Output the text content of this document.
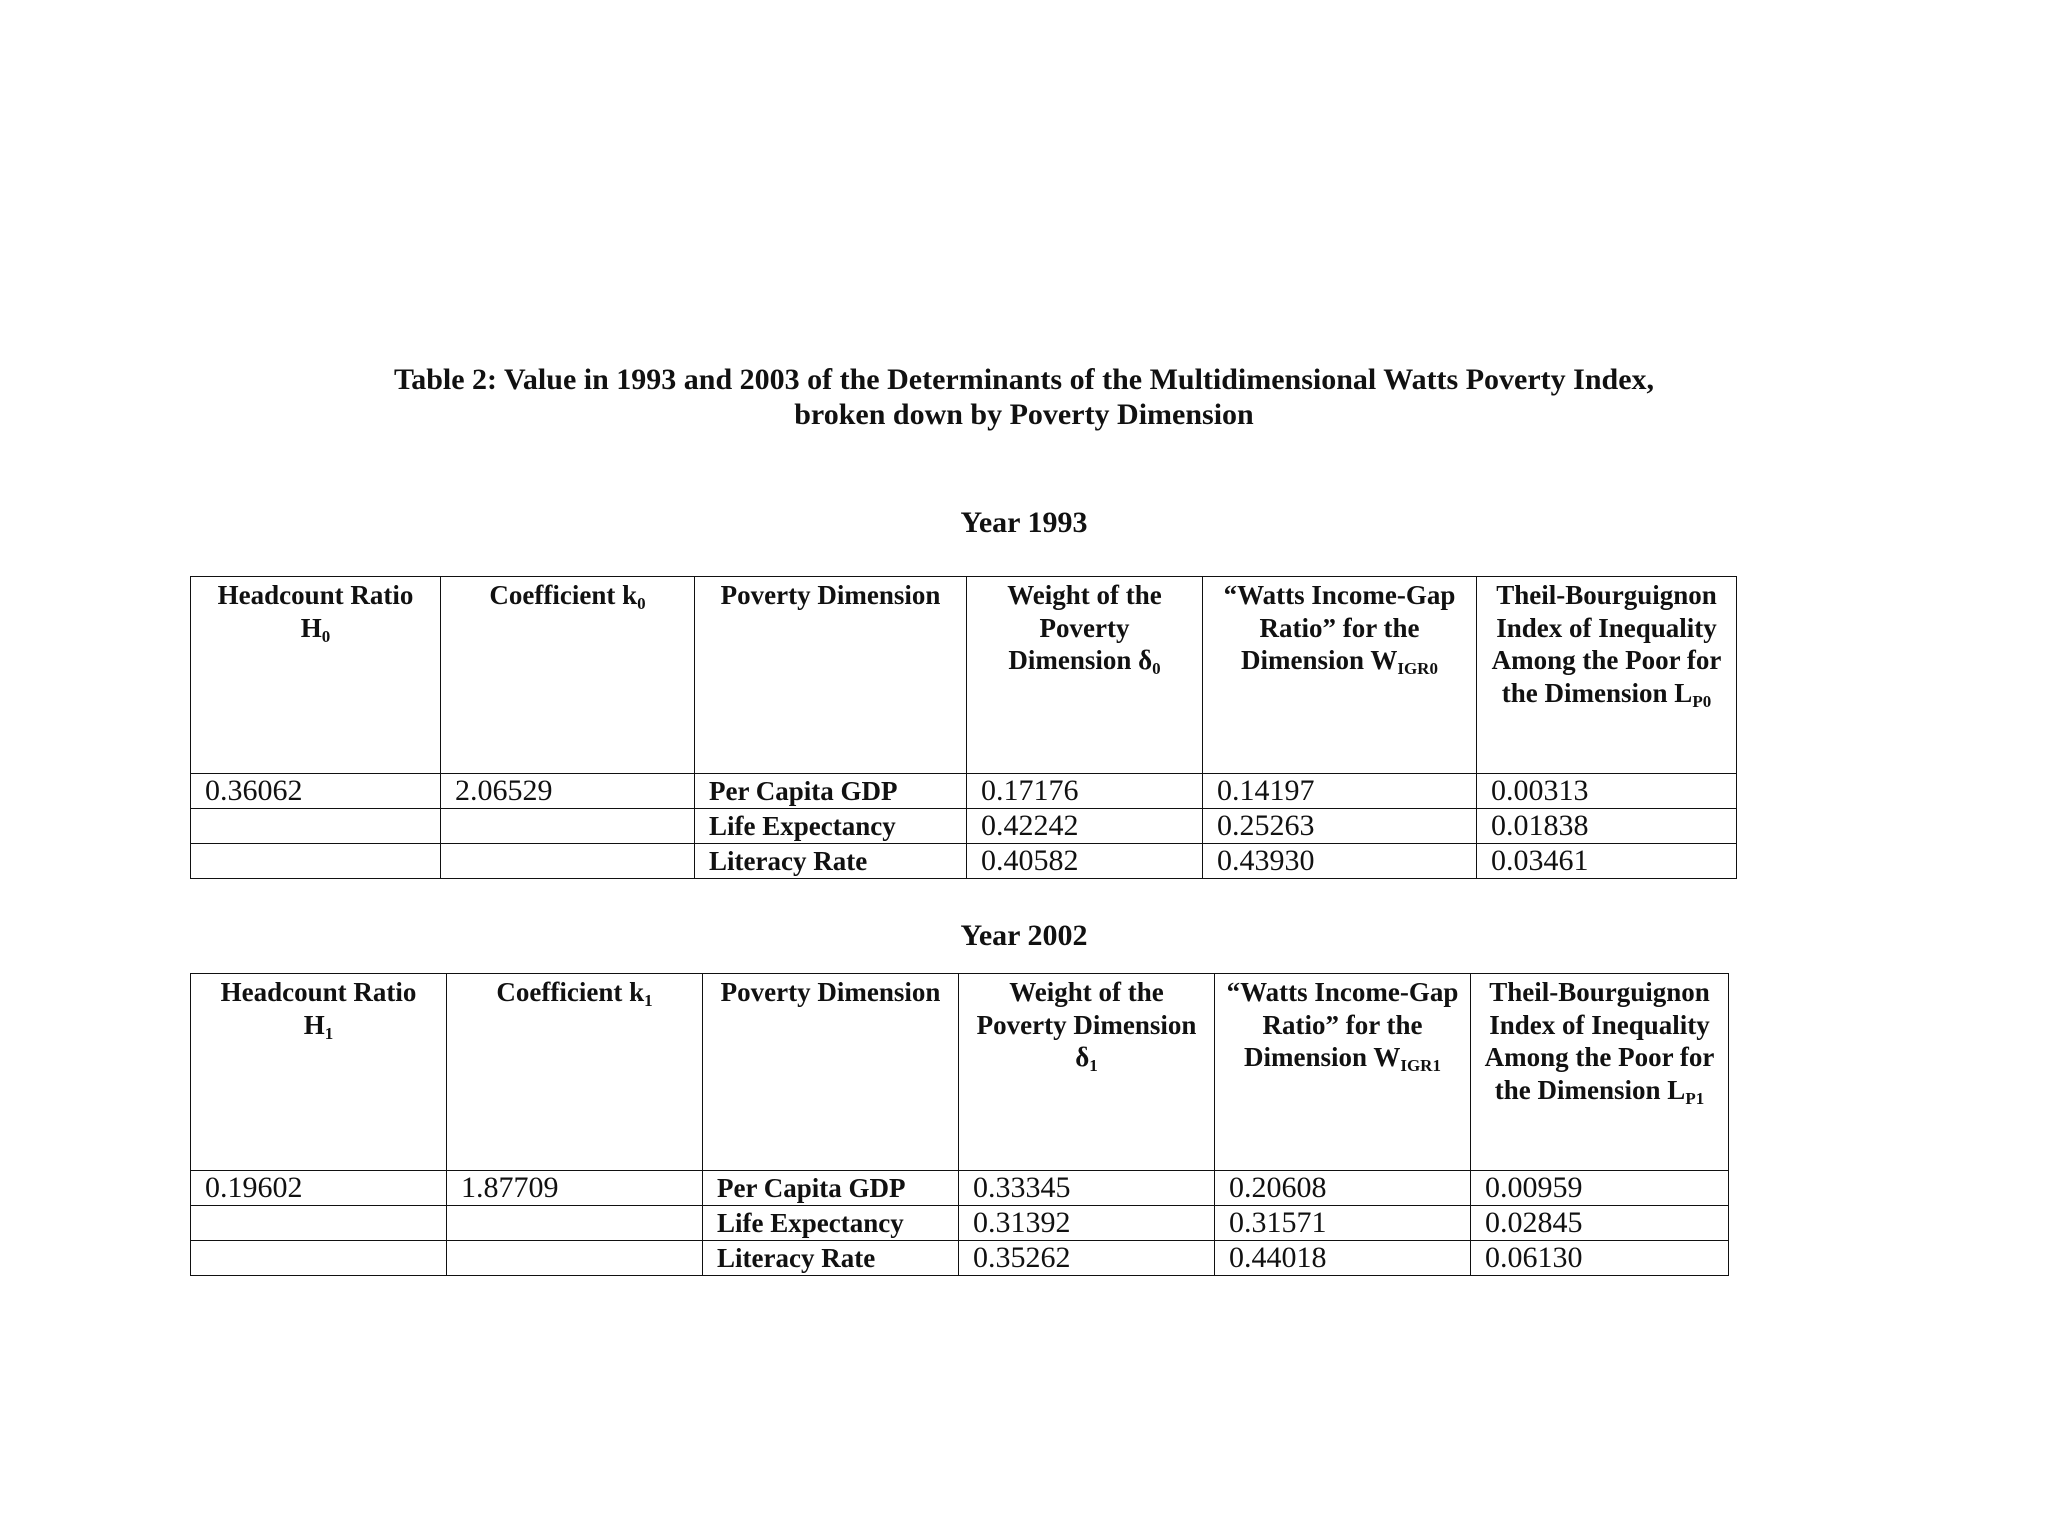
Table 2: Value in 1993 and 2003 of the Determinants of the Multidimensional Watts Poverty Index,
broken down by Poverty Dimension
Year 1993
Headcount Ratio
$H_0$	Coefficient $k_0$	Poverty Dimension	Weight of the Poverty Dimension $\delta_0$	“Watts Income-Gap Ratio” for the Dimension $W_{IGR0}$	Theil-Bourguignon Index of Inequality Among the Poor for the Dimension $L_{P0}$
0.36062	2.06529	Per Capita GDP	0.17176	0.14197	0.00313
		Life Expectancy	0.42242	0.25263	0.01838
		Literacy Rate	0.40582	0.43930	0.03461
Year 2002
Headcount Ratio
$H_1$	Coefficient $k_1$	Poverty Dimension	Weight of the Poverty Dimension $\delta_1$	“Watts Income-Gap Ratio” for the Dimension $W_{IGR1}$	Theil-Bourguignon Index of Inequality Among the Poor for the Dimension $L_{P1}$
0.19602	1.87709	Per Capita GDP	0.33345	0.20608	0.00959
		Life Expectancy	0.31392	0.31571	0.02845
		Literacy Rate	0.35262	0.44018	0.06130
